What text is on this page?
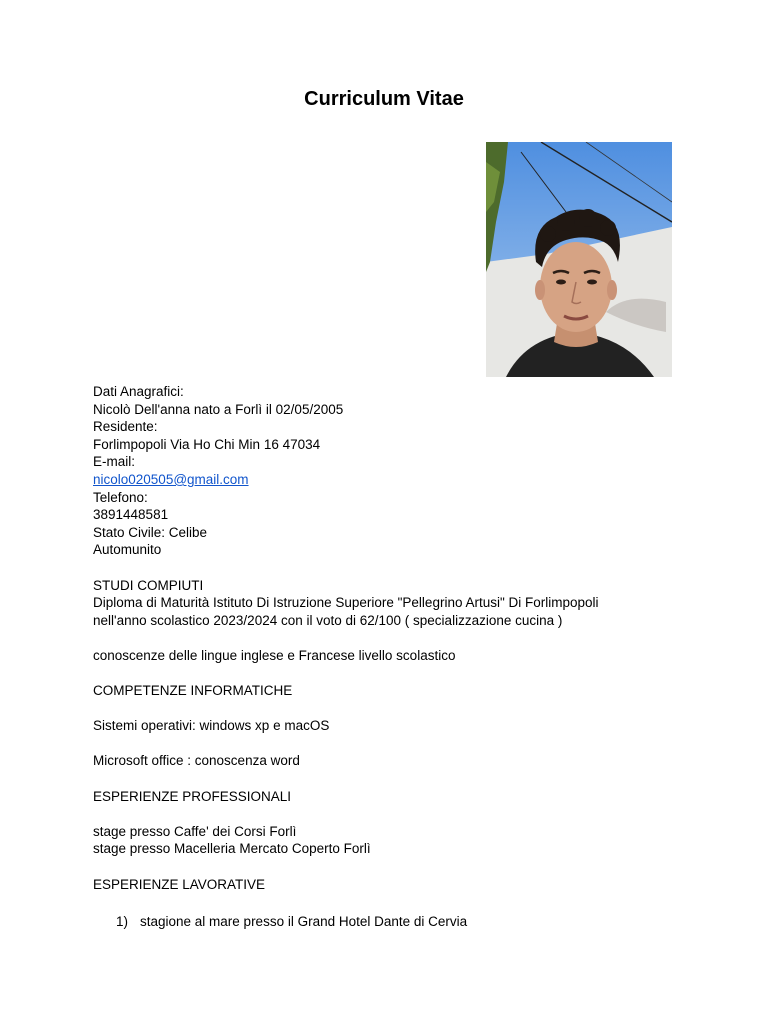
Curriculum Vitae
Dati Anagrafici:
Nicolò Dell'anna nato a Forlì il 02/05/2005
Residente:
Forlimpopoli Via Ho Chi Min 16 47034
E-mail:
nicolo020505@gmail.com
Telefono:
3891448581
Stato Civile: Celibe
Automunito
STUDI COMPIUTI
Diploma di Maturità Istituto Di Istruzione Superiore "Pellegrino Artusi" Di Forlimpopoli
nell'anno scolastico 2023/2024 con il voto di 62/100 ( specializzazione cucina )
conoscenze delle lingue inglese e Francese livello scolastico
COMPETENZE INFORMATICHE
Sistemi operativi: windows xp e macOS
Microsoft office : conoscenza word
ESPERIENZE PROFESSIONALI
stage presso Caffe' dei Corsi Forlì
stage presso Macelleria Mercato Coperto Forlì
ESPERIENZE LAVORATIVE
1) stagione al mare presso il Grand Hotel Dante di Cervia
